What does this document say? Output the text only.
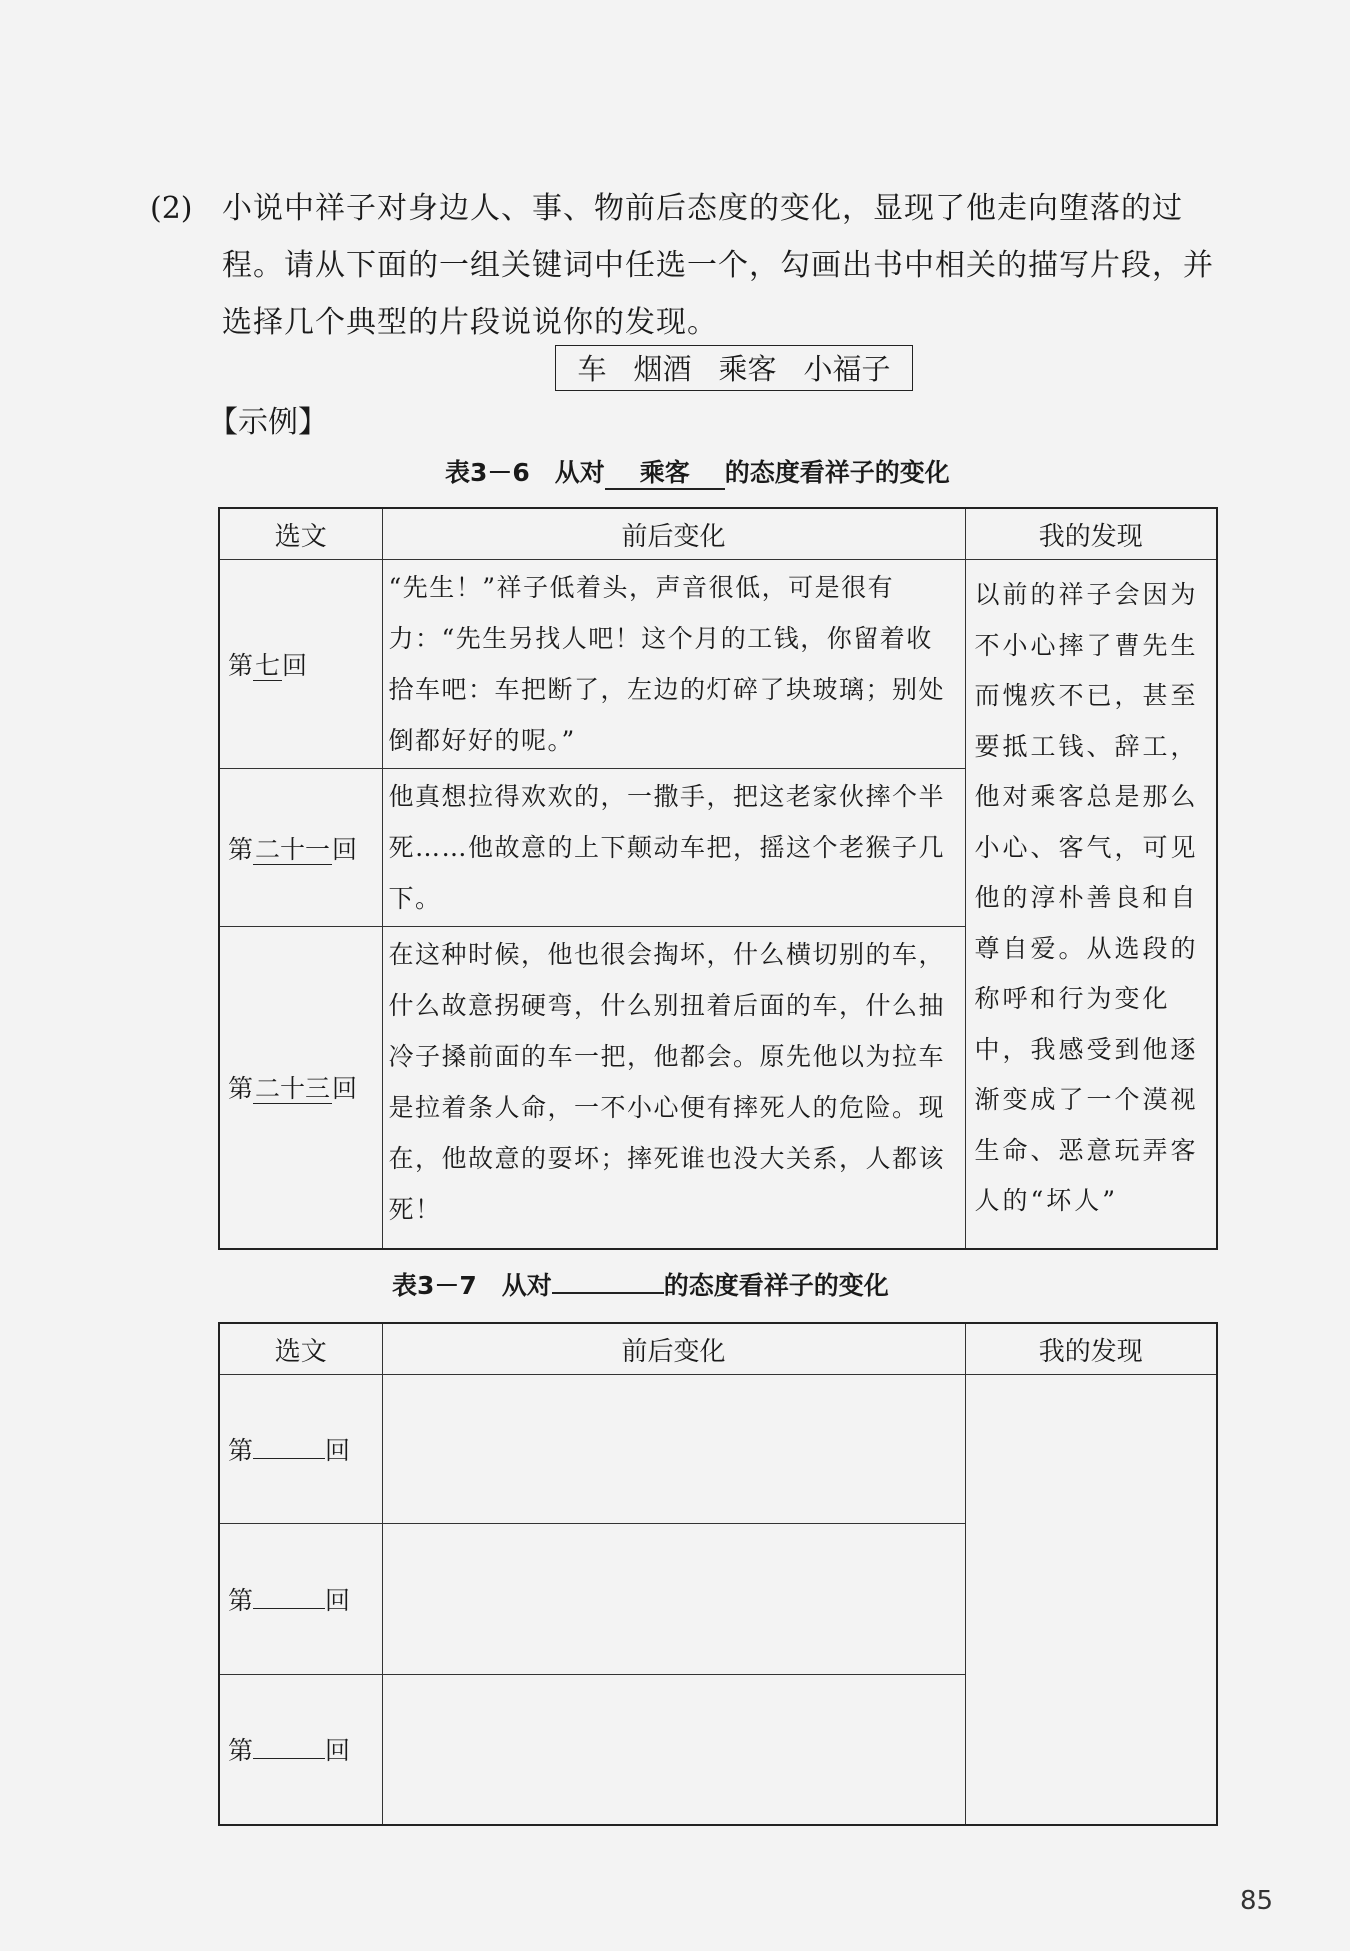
(2) 小说中祥子对身边人、事、物前后态度的变化，显现了他走向堕落的过程。请从下面的一组关键词中任选一个，勾画出书中相关的描写片段，并选择几个典型的片段说说你的发现。
车 烟酒 乘客 小福子
【示例】
表3－6　从对 乘客 的态度看祥子的变化
选文	前后变化	我的发现
第七回	“先生！”祥子低着头，声音很低，可是很有力：“先生另找人吧！这个月的工钱，你留着收拾车吧：车把断了，左边的灯碎了块玻璃；别处倒都好好的呢。”	以前的祥子会因为不小心摔了曹先生而愧疚不已，甚至要抵工钱、辞工，他对乘客总是那么小心、客气，可见他的淳朴善良和自尊自爱。从选段的称呼和行为变化中，我感受到他逐渐变成了一个漠视生命、恶意玩弄客人的“坏人”
第二十一回	他真想拉得欢欢的，一撒手，把这老家伙摔个半死……他故意的上下颠动车把，摇这个老猴子几下。	
第二十三回	在这种时候，他也很会掏坏，什么横切别的车，什么故意拐硬弯，什么别扭着后面的车，什么抽冷子搡前面的车一把，他都会。原先他以为拉车是拉着条人命，一不小心便有摔死人的危险。现在，他故意的耍坏；摔死谁也没大关系，人都该死！	
表3－7　从对	的态度看祥子的变化
选文	前后变化	我的发现
第 回		
第 回		
第 回		
85
